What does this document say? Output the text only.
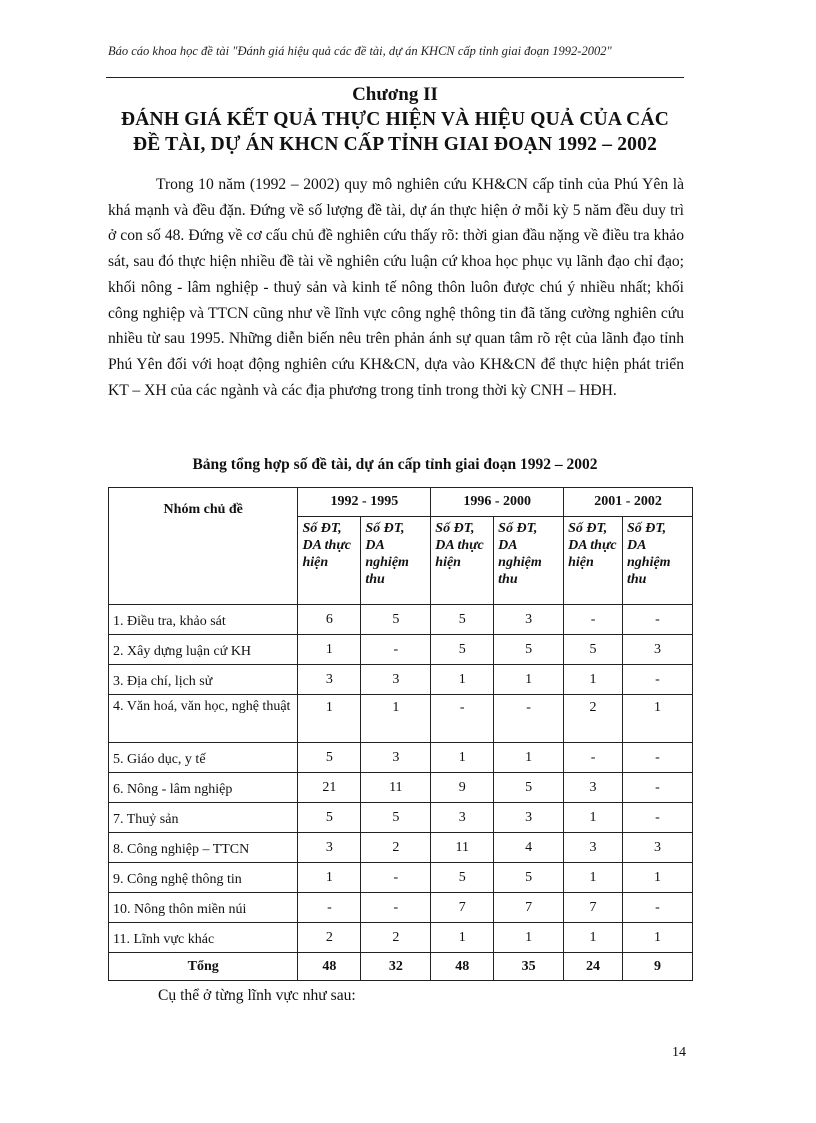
Báo cáo khoa học đề tài "Đánh giá hiệu quả các đề tài, dự án KHCN cấp tỉnh giai đoạn 1992-2002"
Chương II
ĐÁNH GIÁ KẾT QUẢ THỰC HIỆN VÀ HIỆU QUẢ CỦA CÁC ĐỀ TÀI, DỰ ÁN KHCN CẤP TỈNH GIAI ĐOẠN 1992 – 2002
Trong 10 năm (1992 – 2002) quy mô nghiên cứu KH&CN cấp tỉnh của Phú Yên là khá mạnh và đều đặn. Đứng về số lượng đề tài, dự án thực hiện ở mỗi kỳ 5 năm đều duy trì ở con số 48. Đứng về cơ cấu chủ đề nghiên cứu thấy rõ: thời gian đầu nặng về điều tra khảo sát, sau đó thực hiện nhiều đề tài về nghiên cứu luận cứ khoa học phục vụ lãnh đạo chỉ đạo; khối nông - lâm nghiệp - thuỷ sản và kinh tế nông thôn luôn được chú ý nhiều nhất; khối công nghiệp và TTCN cũng như về lĩnh vực công nghệ thông tin đã tăng cường nghiên cứu nhiều từ sau 1995. Những diễn biến nêu trên phản ánh sự quan tâm rõ rệt của lãnh đạo tỉnh Phú Yên đối với hoạt động nghiên cứu KH&CN, dựa vào KH&CN để thực hiện phát triển KT – XH của các ngành và các địa phương trong tỉnh trong thời kỳ CNH – HĐH.
Bảng tổng hợp số đề tài, dự án cấp tỉnh giai đoạn 1992 – 2002
Nhóm chủ đề	1992 - 1995		1996 - 2000		2001 - 2002	
	Số ĐT, DA thực hiện	Số ĐT, DA nghiệm thu	Số ĐT, DA thực hiện	Số ĐT, DA nghiệm thu	Số ĐT, DA thực hiện	Số ĐT, DA nghiệm thu
1. Điều tra, khảo sát	6	5	5	3	-	-
2. Xây dựng luận cứ KH	1	-	5	5	5	3
3. Địa chí, lịch sử	3	3	1	1	1	-
4. Văn hoá, văn học, nghệ thuật	1	1	-	-	2	1
5. Giáo dục, y tế	5	3	1	1	-	-
6. Nông - lâm nghiệp	21	11	9	5	3	-
7. Thuỷ sản	5	5	3	3	1	-
8. Công nghiệp – TTCN	3	2	11	4	3	3
9. Công nghệ thông tin	1	-	5	5	1	1
10. Nông thôn miền núi	-	-	7	7	7	-
11. Lĩnh vực khác	2	2	1	1	1	1
Tổng	48	32	48	35	24	9
Cụ thể ở từng lĩnh vực như sau:
14
